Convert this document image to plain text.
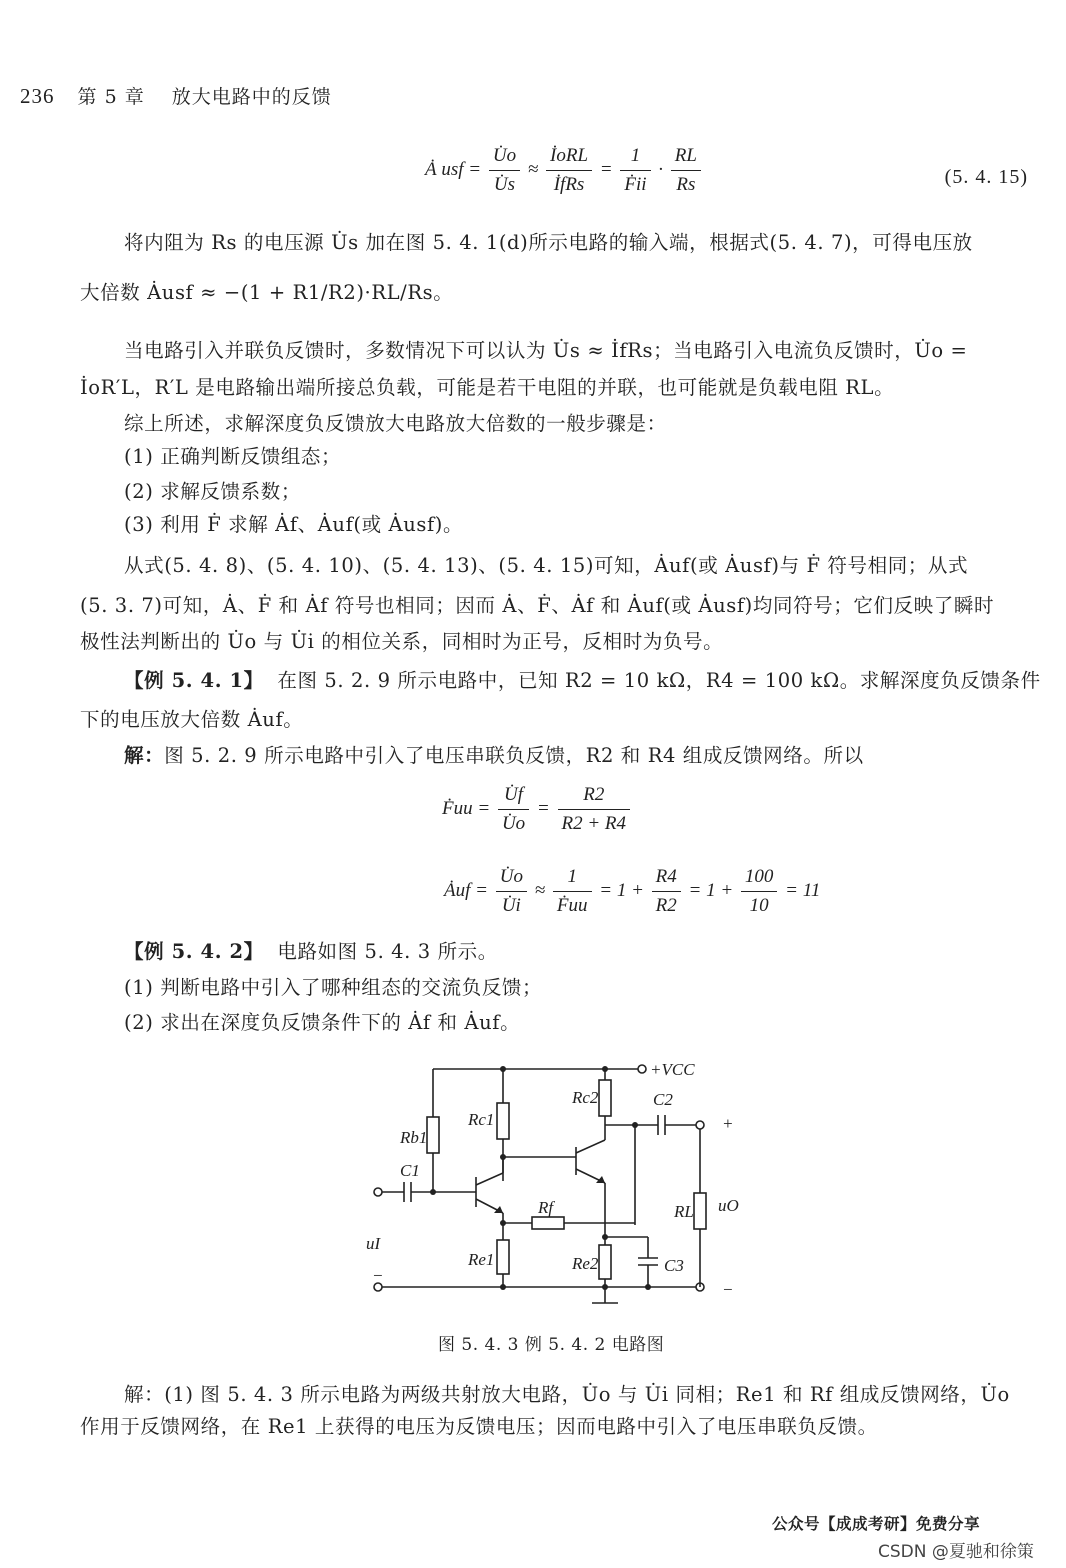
236 第 5 章 放大电路中的反馈
Ȧ usf = $\frac{U̇o}{U̇s} \approx \frac{\text{İoRL}}{\text{İfRs}} = \frac{1}{\text{Ḟii}} \cdot \frac{RL}{Rs}$	(5. 4. 15)
将内阻为 Rs 的电压源 U̇s 加在图 5. 4. 1(d)所示电路的输入端，根据式(5. 4. 7)，可得电压放
大倍数 Ȧusf ≈ −(1 + R1/R2)·RL/Rs。
当电路引入并联负反馈时，多数情况下可以认为 U̇s ≈ İfRs；当电路引入电流负反馈时，U̇o =
İoR′L，R′L 是电路输出端所接总负载，可能是若干电阻的并联，也可能就是负载电阻 RL。
综上所述，求解深度负反馈放大电路放大倍数的一般步骤是：
(1) 正确判断反馈组态；
(2) 求解反馈系数；
(3) 利用 Ḟ 求解 Ȧf、Ȧuf(或 Ȧusf)。
从式(5. 4. 8)、(5. 4. 10)、(5. 4. 13)、(5. 4. 15)可知，Ȧuf(或 Ȧusf)与 Ḟ 符号相同；从式
(5. 3. 7)可知，Ȧ、Ḟ 和 Ȧf 符号也相同；因而 Ȧ、Ḟ、Ȧf 和 Ȧuf(或 Ȧusf)均同符号；它们反映了瞬时
极性法判断出的 U̇o 与 U̇i 的相位关系，同相时为正号，反相时为负号。
【例 5. 4. 1】 在图 5. 2. 9 所示电路中，已知 R2 = 10 kΩ，R4 = 100 kΩ。求解深度负反馈条件
下的电压放大倍数 Ȧuf。
解：图 5. 2. 9 所示电路中引入了电压串联负反馈，R2 和 R4 组成反馈网络。所以
Ḟuu = $\frac{U̇f}{U̇o} = \frac{R2}{R2 + R4}$
Ȧuf = $\frac{U̇o}{U̇i} \approx \frac{1}{\text{Ḟuu}} = 1 + \frac{R4}{R2} = 1 + \frac{100}{10} = 11$
【例 5. 4. 2】 电路如图 5. 4. 3 所示。
(1) 判断电路中引入了哪种组态的交流负反馈；
(2) 求出在深度负反馈条件下的 Ȧf 和 Ȧuf。
+VCC
Rb1
Rc1
Rc2
C1
C2
Rf
Re1	Re2	C3
RL uO
uI
+
−
−
图 5. 4. 3 例 5. 4. 2 电路图
解：(1) 图 5. 4. 3 所示电路为两级共射放大电路，U̇o 与 U̇i 同相；Re1 和 Rf 组成反馈网络，U̇o
作用于反馈网络，在 Re1 上获得的电压为反馈电压；因而电路中引入了电压串联负反馈。
公众号【成成考研】免费分享
CSDN @夏驰和徐策
